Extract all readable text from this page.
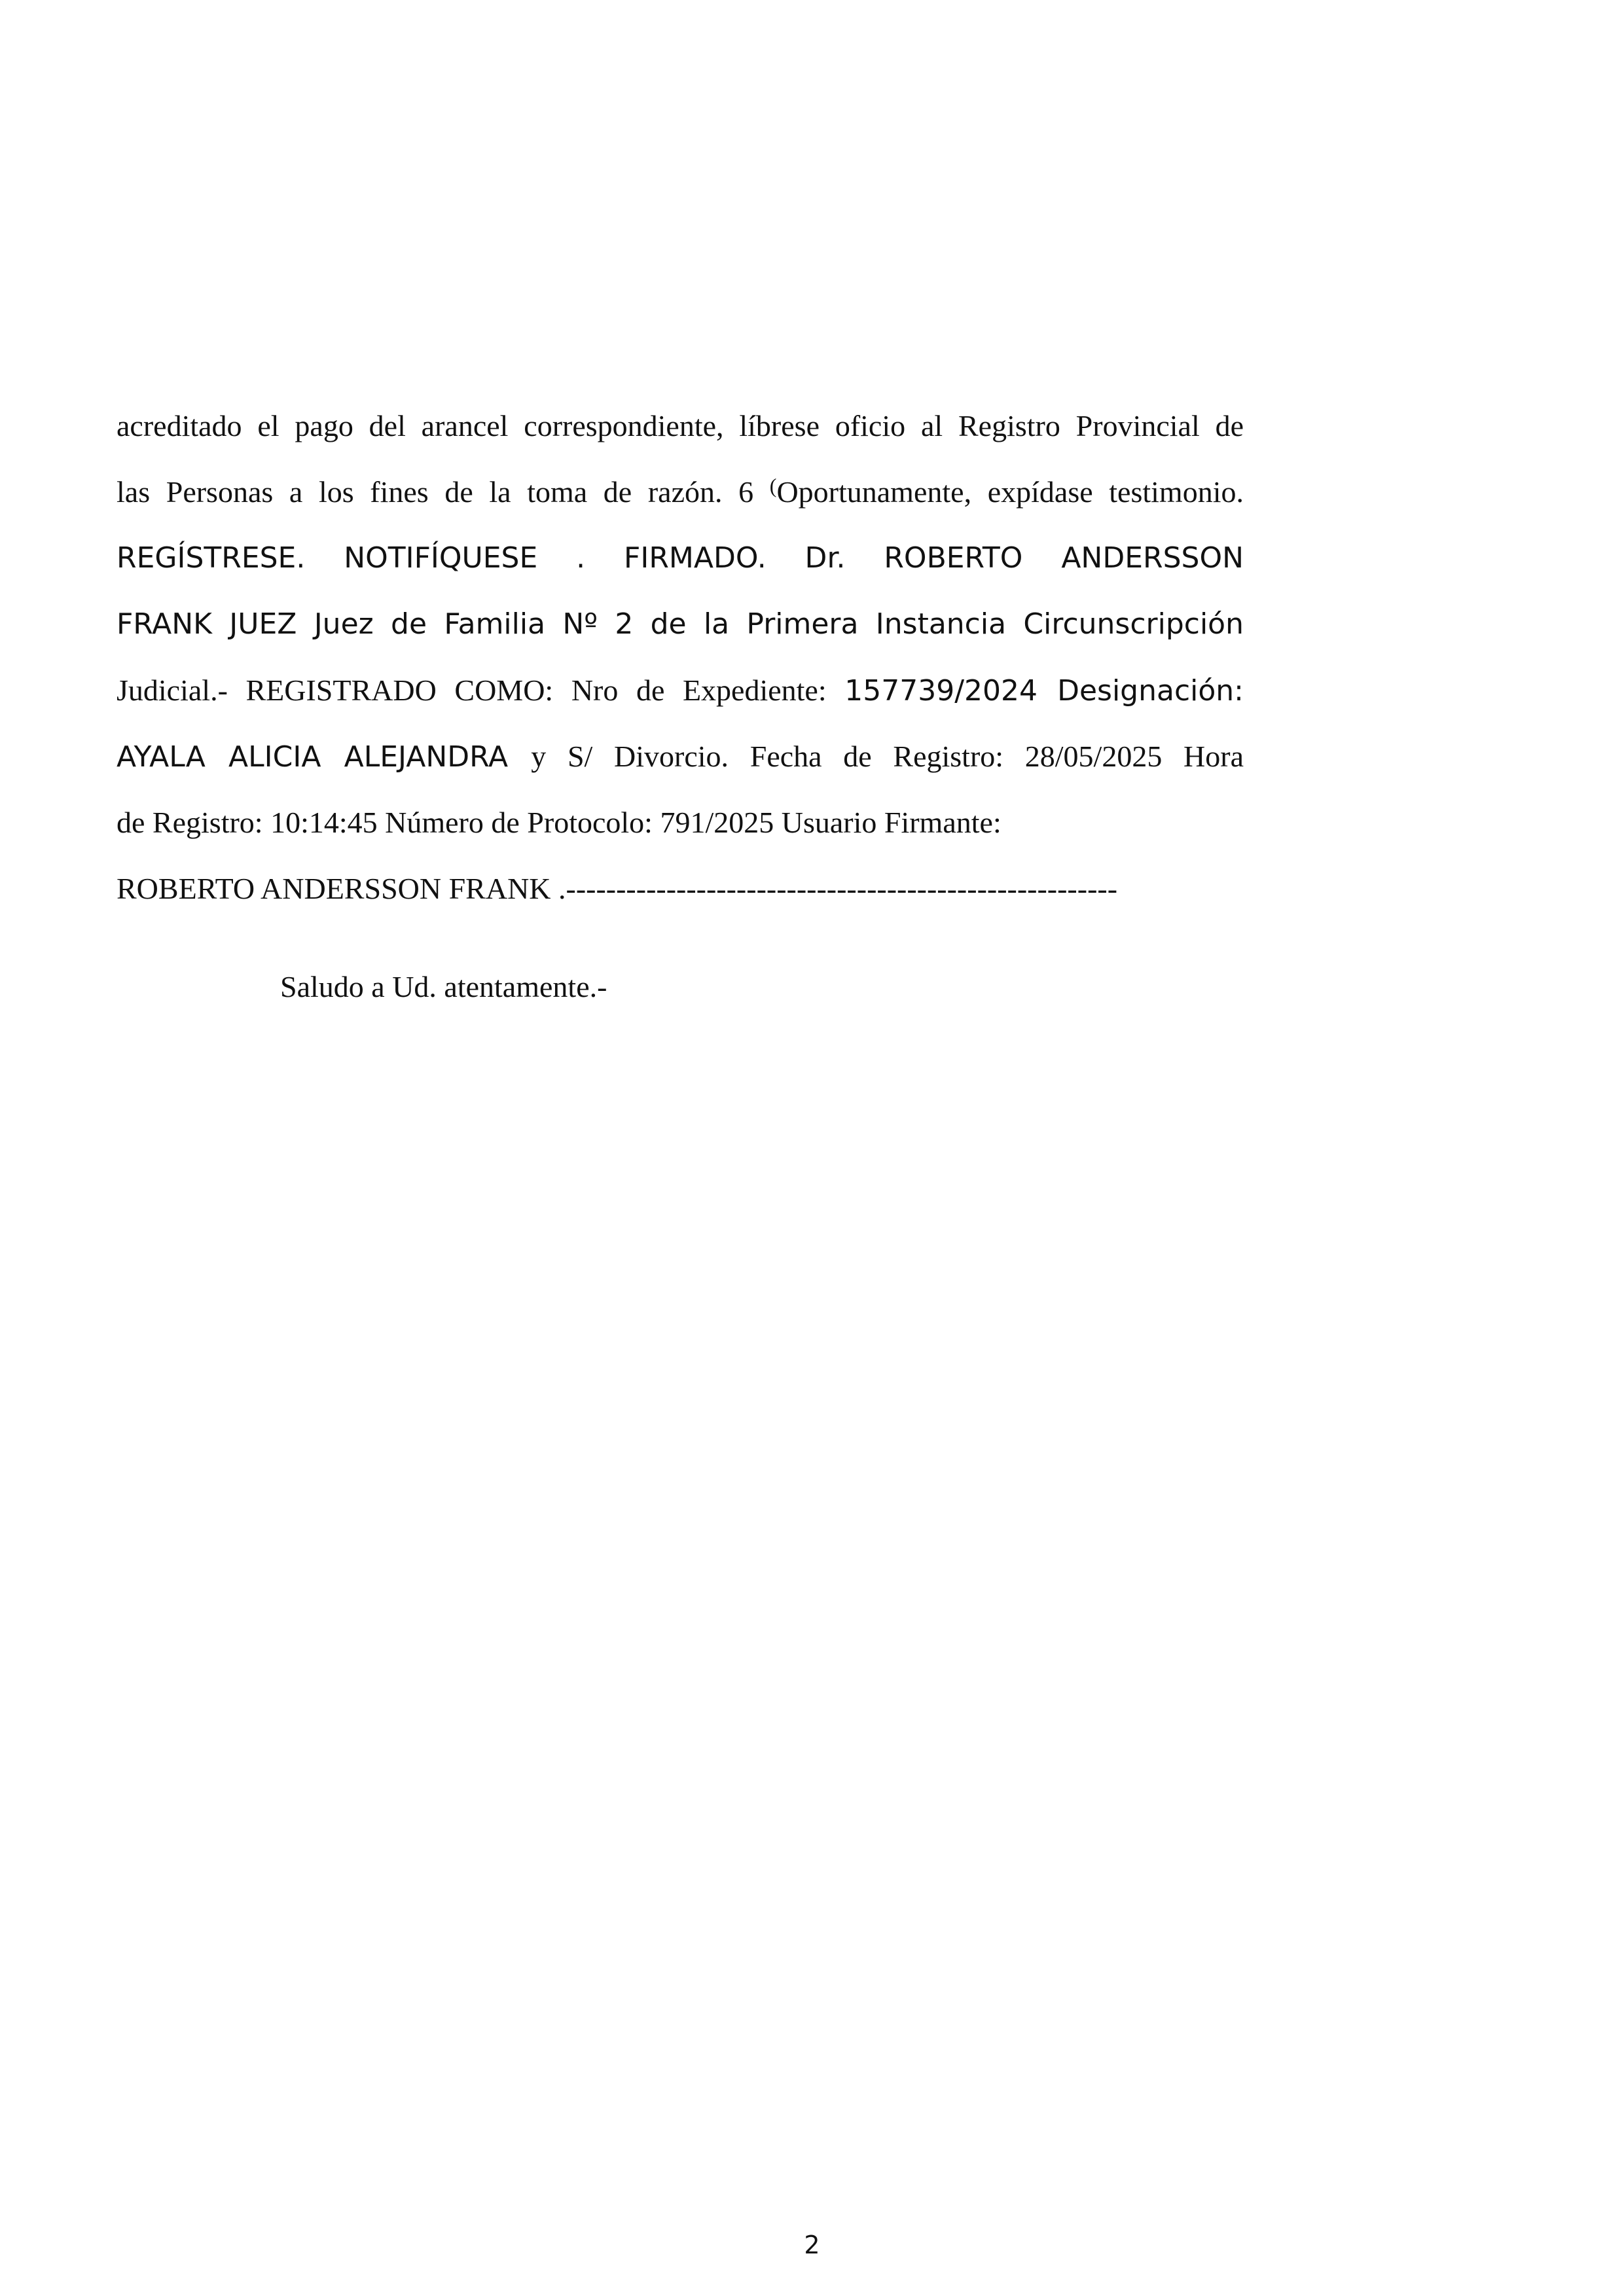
acreditado el pago del arancel correspondiente, líbrese oficio al Registro Provincial de
las Personas a los fines de la toma de razón. 6 (Oportunamente, expídase testimonio.
REGÍSTRESE. NOTIFÍQUESE . FIRMADO. Dr. ROBERTO ANDERSSON
FRANK JUEZ Juez de Familia Nº 2 de la Primera Instancia Circunscripción
Judicial.- REGISTRADO COMO: Nro de Expediente: 157739/2024 Designación:
AYALA ALICIA ALEJANDRA y S/ Divorcio. Fecha de Registro: 28/05/2025 Hora
de Registro: 10:14:45 Número de Protocolo: 791/2025 Usuario Firmante:
ROBERTO ANDERSSON FRANK .-------------------------------------------------------
Saludo a Ud. atentamente.-
2
